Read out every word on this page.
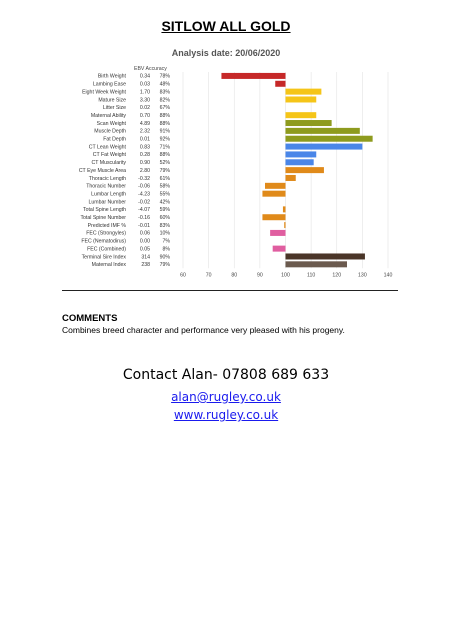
SITLOW ALL GOLD
Analysis date: 20/06/2020
EBV Accuracy
Birth Weight	0.34 78%
Lambing Ease	0.03 48%
Eight Week Weight	1.70 83%
Mature Size	3.30 82%
Litter Size	0.02 67%
Maternal Ability	0.70 88%
Scan Weight	4.89 88%
Muscle Depth	2.32 91%
Fat Depth	0.01 92%
CT Lean Weight	0.83 71%
CT Fat Weight	0.28 88%
CT Muscularity	0.90 52%
CT Eye Muscle Area	2.80 79%
Thoracic Length -0.32 61%
Thoracic Number -0.06 58%
Lumbar Length -4.23 55%
Lumbar Number -0.02 42%
Total Spine Length -4.07 59%
Total Spine Number -0.16 60%
Predicted IMF % -0.01 83%
FEC (Strongyles)	0.06 10%
FEC (Nematodirus)	0.00 7%
FEC (Combined)	0.05 8%
Terminal Sire Index	314 90%
Maternal Index	238 79%
60	70	80	90	100	110	120	130	140
COMMENTS
Combines breed character and performance very pleased with his progeny.
Contact Alan- 07808 689 633
alan@rugley.co.uk
www.rugley.co.uk
